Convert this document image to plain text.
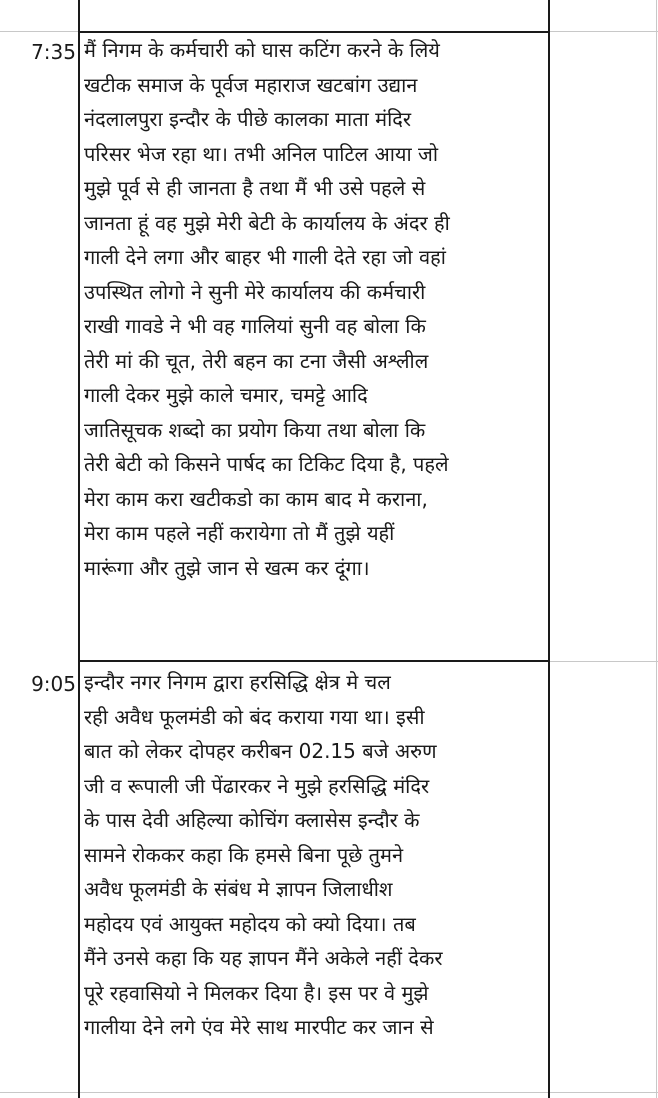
7:35 मैं निगम के कर्मचारी को घास कटिंग करने के लिये
खटीक समाज के पूर्वज महाराज खटबांग उद्यान
नंदलालपुरा इन्दौर के पीछे कालका माता मंदिर
परिसर भेज रहा था। तभी अनिल पाटिल आया जो
मुझे पूर्व से ही जानता है तथा मैं भी उसे पहले से
जानता हूं वह मुझे मेरी बेटी के कार्यालय के अंदर ही
गाली देने लगा और बाहर भी गाली देते रहा जो वहां
उपस्थित लोगो ने सुनी मेरे कार्यालय की कर्मचारी
राखी गावडे ने भी वह गालियां सुनी वह बोला कि
तेरी मां की चूत, तेरी बहन का टना जैसी अश्लील
गाली देकर मुझे काले चमार, चमट्टे आदि
जातिसूचक शब्दो का प्रयोग किया तथा बोला कि
तेरी बेटी को किसने पार्षद का टिकिट दिया है, पहले
मेरा काम करा खटीकडो का काम बाद मे कराना,
मेरा काम पहले नहीं करायेगा तो मैं तुझे यहीं
मारूंगा और तुझे जान से खत्म कर दूंगा।
9:05 इन्दौर नगर निगम द्वारा हरसिद्धि क्षेत्र मे चल
रही अवैध फूलमंडी को बंद कराया गया था। इसी
बात को लेकर दोपहर करीबन 02.15 बजे अरुण
जी व रूपाली जी पेंढारकर ने मुझे हरसिद्धि मंदिर
के पास देवी अहिल्या कोचिंग क्लासेस इन्दौर के
सामने रोककर कहा कि हमसे बिना पूछे तुमने
अवैध फूलमंडी के संबंध मे ज्ञापन जिलाधीश
महोदय एवं आयुक्त महोदय को क्यो दिया। तब
मैंने उनसे कहा कि यह ज्ञापन मैंने अकेले नहीं देकर
पूरे रहवासियो ने मिलकर दिया है। इस पर वे मुझे
गालीया देने लगे एंव मेरे साथ मारपीट कर जान से
